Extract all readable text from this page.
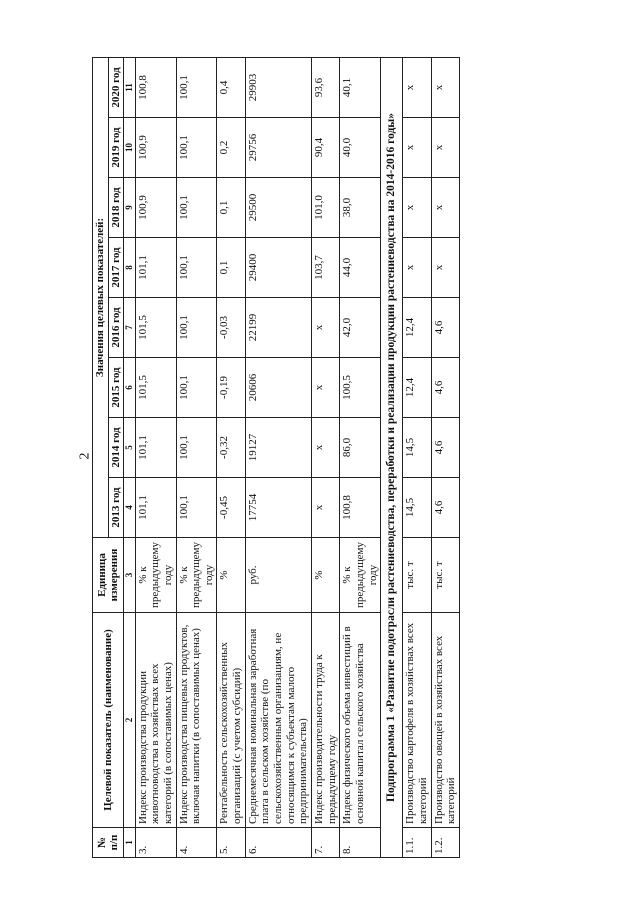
2
№ п/п	Целевой показатель (наименование)	Единица измерения	Значения целевых показателей:							
			2013 год	2014 год	2015 год	2016 год	2017 год	2018 год	2019 год	2020 год
1	2	3	4	5	6	7	8	9	10	11
3.	Индекс производства продукции животноводства в хозяйствах всех категорий (в сопоставимых ценах)	% к предыдущему году	101,1	101,1	101,5	101,5	101,1	100,9	100,9	100,8
4.	Индекс производства пищевых продуктов, включая напитки (в сопоставимых ценах)	% к предыдущему году	100,1	100,1	100,1	100,1	100,1	100,1	100,1	100,1
5.	Рентабельность сельскохозяйственных организаций (с учетом субсидий)	%	-0,45	-0,32	-0,19	-0,03	0,1	0,1	0,2	0,4
6.	Среднемесячная номинальная заработная плата в сельском хозяйстве (по сельскохозяйственным организациям, не относящимся к субъектам малого предпринимательства)	руб.	17754	19127	20606	22199	29400	29500	29756	29903
7.	Индекс производительности труда к предыдущему году	%	x	x	x	x	103,7	101,0	90,4	93,6
8.	Индекс физического объема инвестиций в основной капитал сельского хозяйства	% к предыдущему году	100,8	86,0	100,5	42,0	44,0	38,0	40,0	40,1
Подпрограмма 1 «Развитие подотрасли растениеводства, переработки и реализации продукции растениеводства на 2014-2016 годы»										
1.1.	Производство картофеля в хозяйствах всех категорий	тыс. т	14,5	14,5	12,4	12,4	x	x	x	x
1.2.	Производство овощей в хозяйствах всех категорий	тыс. т	4,6	4,6	4,6	4,6	x	x	x	x
